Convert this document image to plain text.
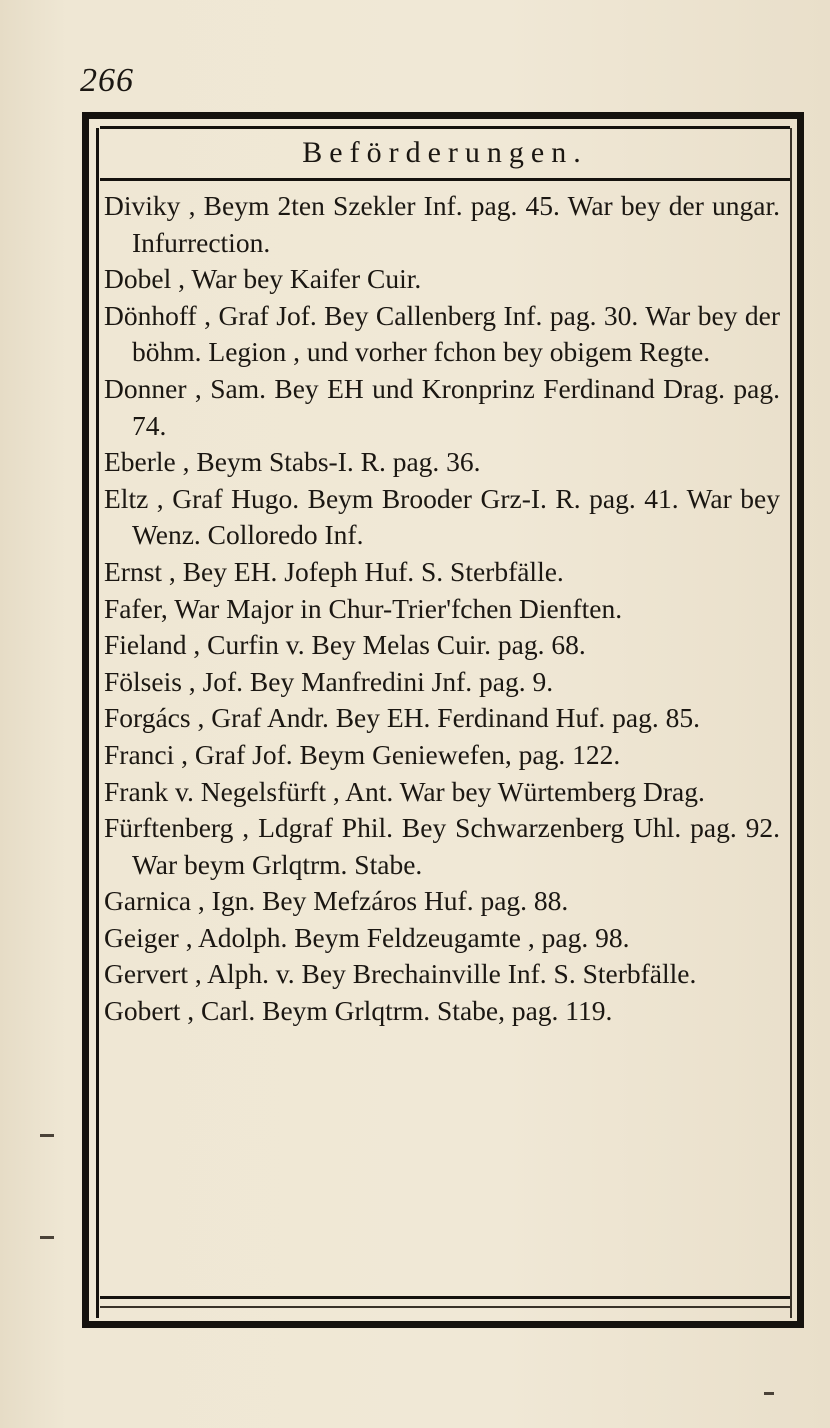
266
Beförderungen.

Diviky , Beym 2ten Szekler Inf. pag. 45. War bey der ungar. Infurrection.

Dobel , War bey Kaifer Cuir.

Dönhoff , Graf Jof. Bey Callenberg Inf. pag. 30. War bey der böhm. Legion , und vorher fchon bey obigem Regte.

Donner , Sam. Bey EH und Kronprinz Ferdinand Drag. pag. 74.

Eberle , Beym Stabs-I. R. pag. 36.

Eltz , Graf Hugo. Beym Brooder Grz-I. R. pag. 41. War bey Wenz. Colloredo Inf.

Ernst , Bey EH. Jofeph Huf. S. Sterbfälle.

Fafer, War Major in Chur-Trier'fchen Dienften.

Fieland , Curfin v. Bey Melas Cuir. pag. 68.

Fölseis , Jof. Bey Manfredini Jnf. pag. 9.

Forgács , Graf Andr. Bey EH. Ferdinand Huf. pag. 85.

Franci , Graf Jof. Beym Geniewefen, pag. 122.

Frank v. Negelsfürft , Ant. War bey Würtemberg Drag.

Fürftenberg , Ldgraf Phil. Bey Schwarzenberg Uhl. pag. 92. War beym Grlqtrm. Stabe.

Garnica , Ign. Bey Mefzáros Huf. pag. 88.

Geiger , Adolph. Beym Feldzeugamte , pag. 98.

Gervert , Alph. v. Bey Brechainville Inf. S. Sterbfälle.

Gobert , Carl. Beym Grlqtrm. Stabe, pag. 119.
